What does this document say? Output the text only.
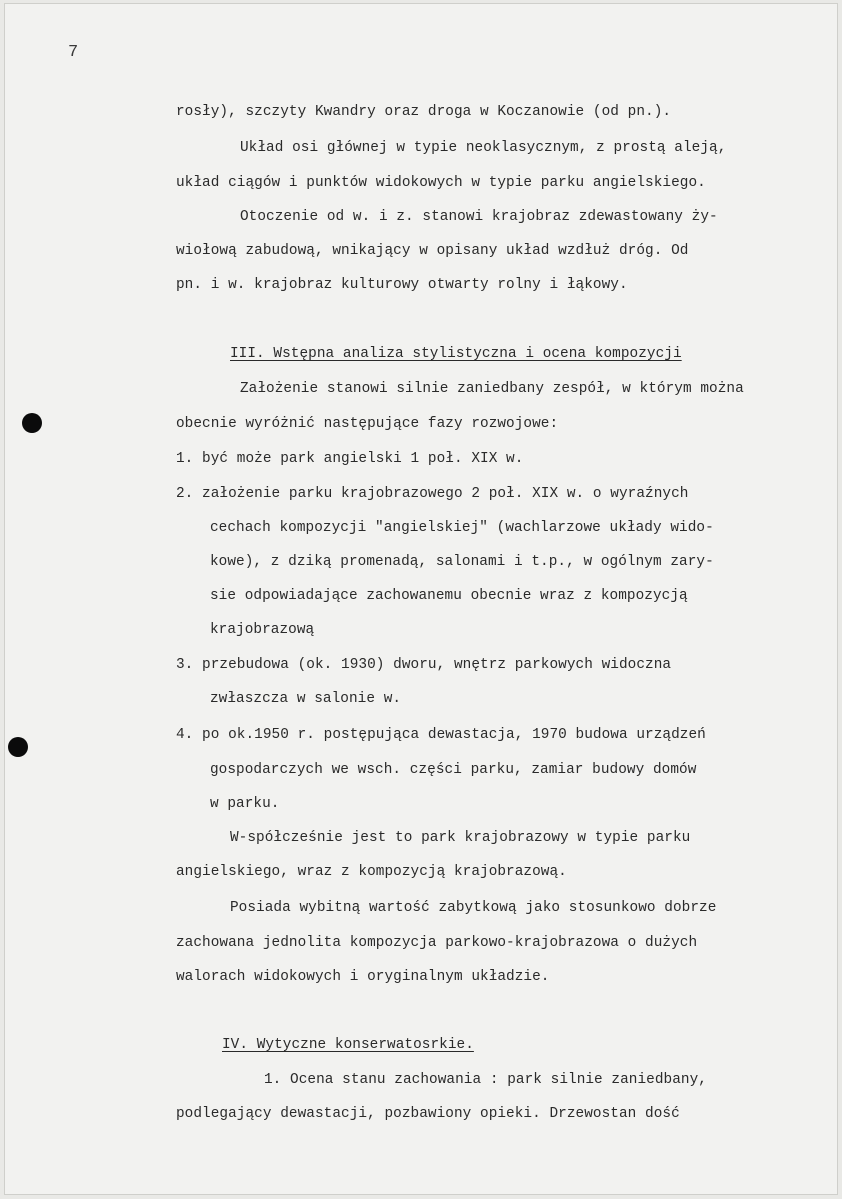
7
rosły), szczyty Kwandry oraz droga w Koczanowie (od pn.).
Układ osi głównej w typie neoklasycznym, z prostą aleją,
układ ciągów i punktów widokowych w typie parku angielskiego.
Otoczenie od w. i z. stanowi krajobraz zdewastowany ży-
wiołową zabudową, wnikający w opisany układ wzdłuż dróg. Od
pn. i w. krajobraz kulturowy otwarty rolny i łąkowy.
III. Wstępna analiza stylistyczna i ocena kompozycji
Założenie stanowi silnie zaniedbany zespół, w którym można
obecnie wyróżnić następujące fazy rozwojowe:
1. być może park angielski 1 poł. XIX w.
2. założenie parku krajobrazowego 2 poł. XIX w. o wyraźnych
cechach kompozycji "angielskiej" (wachlarzowe układy wido-
kowe), z dziką promenadą, salonami i t.p., w ogólnym zary-
sie odpowiadające zachowanemu obecnie wraz z kompozycją
krajobrazową
3. przebudowa (ok. 1930) dworu, wnętrz parkowych widoczna
zwłaszcza w salonie w.
4. po ok.1950 r. postępująca dewastacja, 1970 budowa urządzeń
gospodarczych we wsch. części parku, zamiar budowy domów
w parku.
W-spółcześnie jest to park krajobrazowy w typie parku
angielskiego, wraz z kompozycją krajobrazową.
Posiada wybitną wartość zabytkową jako stosunkowo dobrze
zachowana jednolita kompozycja parkowo-krajobrazowa o dużych
walorach widokowych i oryginalnym układzie.
IV. Wytyczne konserwatosrkie.
1. Ocena stanu zachowania : park silnie zaniedbany,
podlegający dewastacji, pozbawiony opieki. Drzewostan dość
